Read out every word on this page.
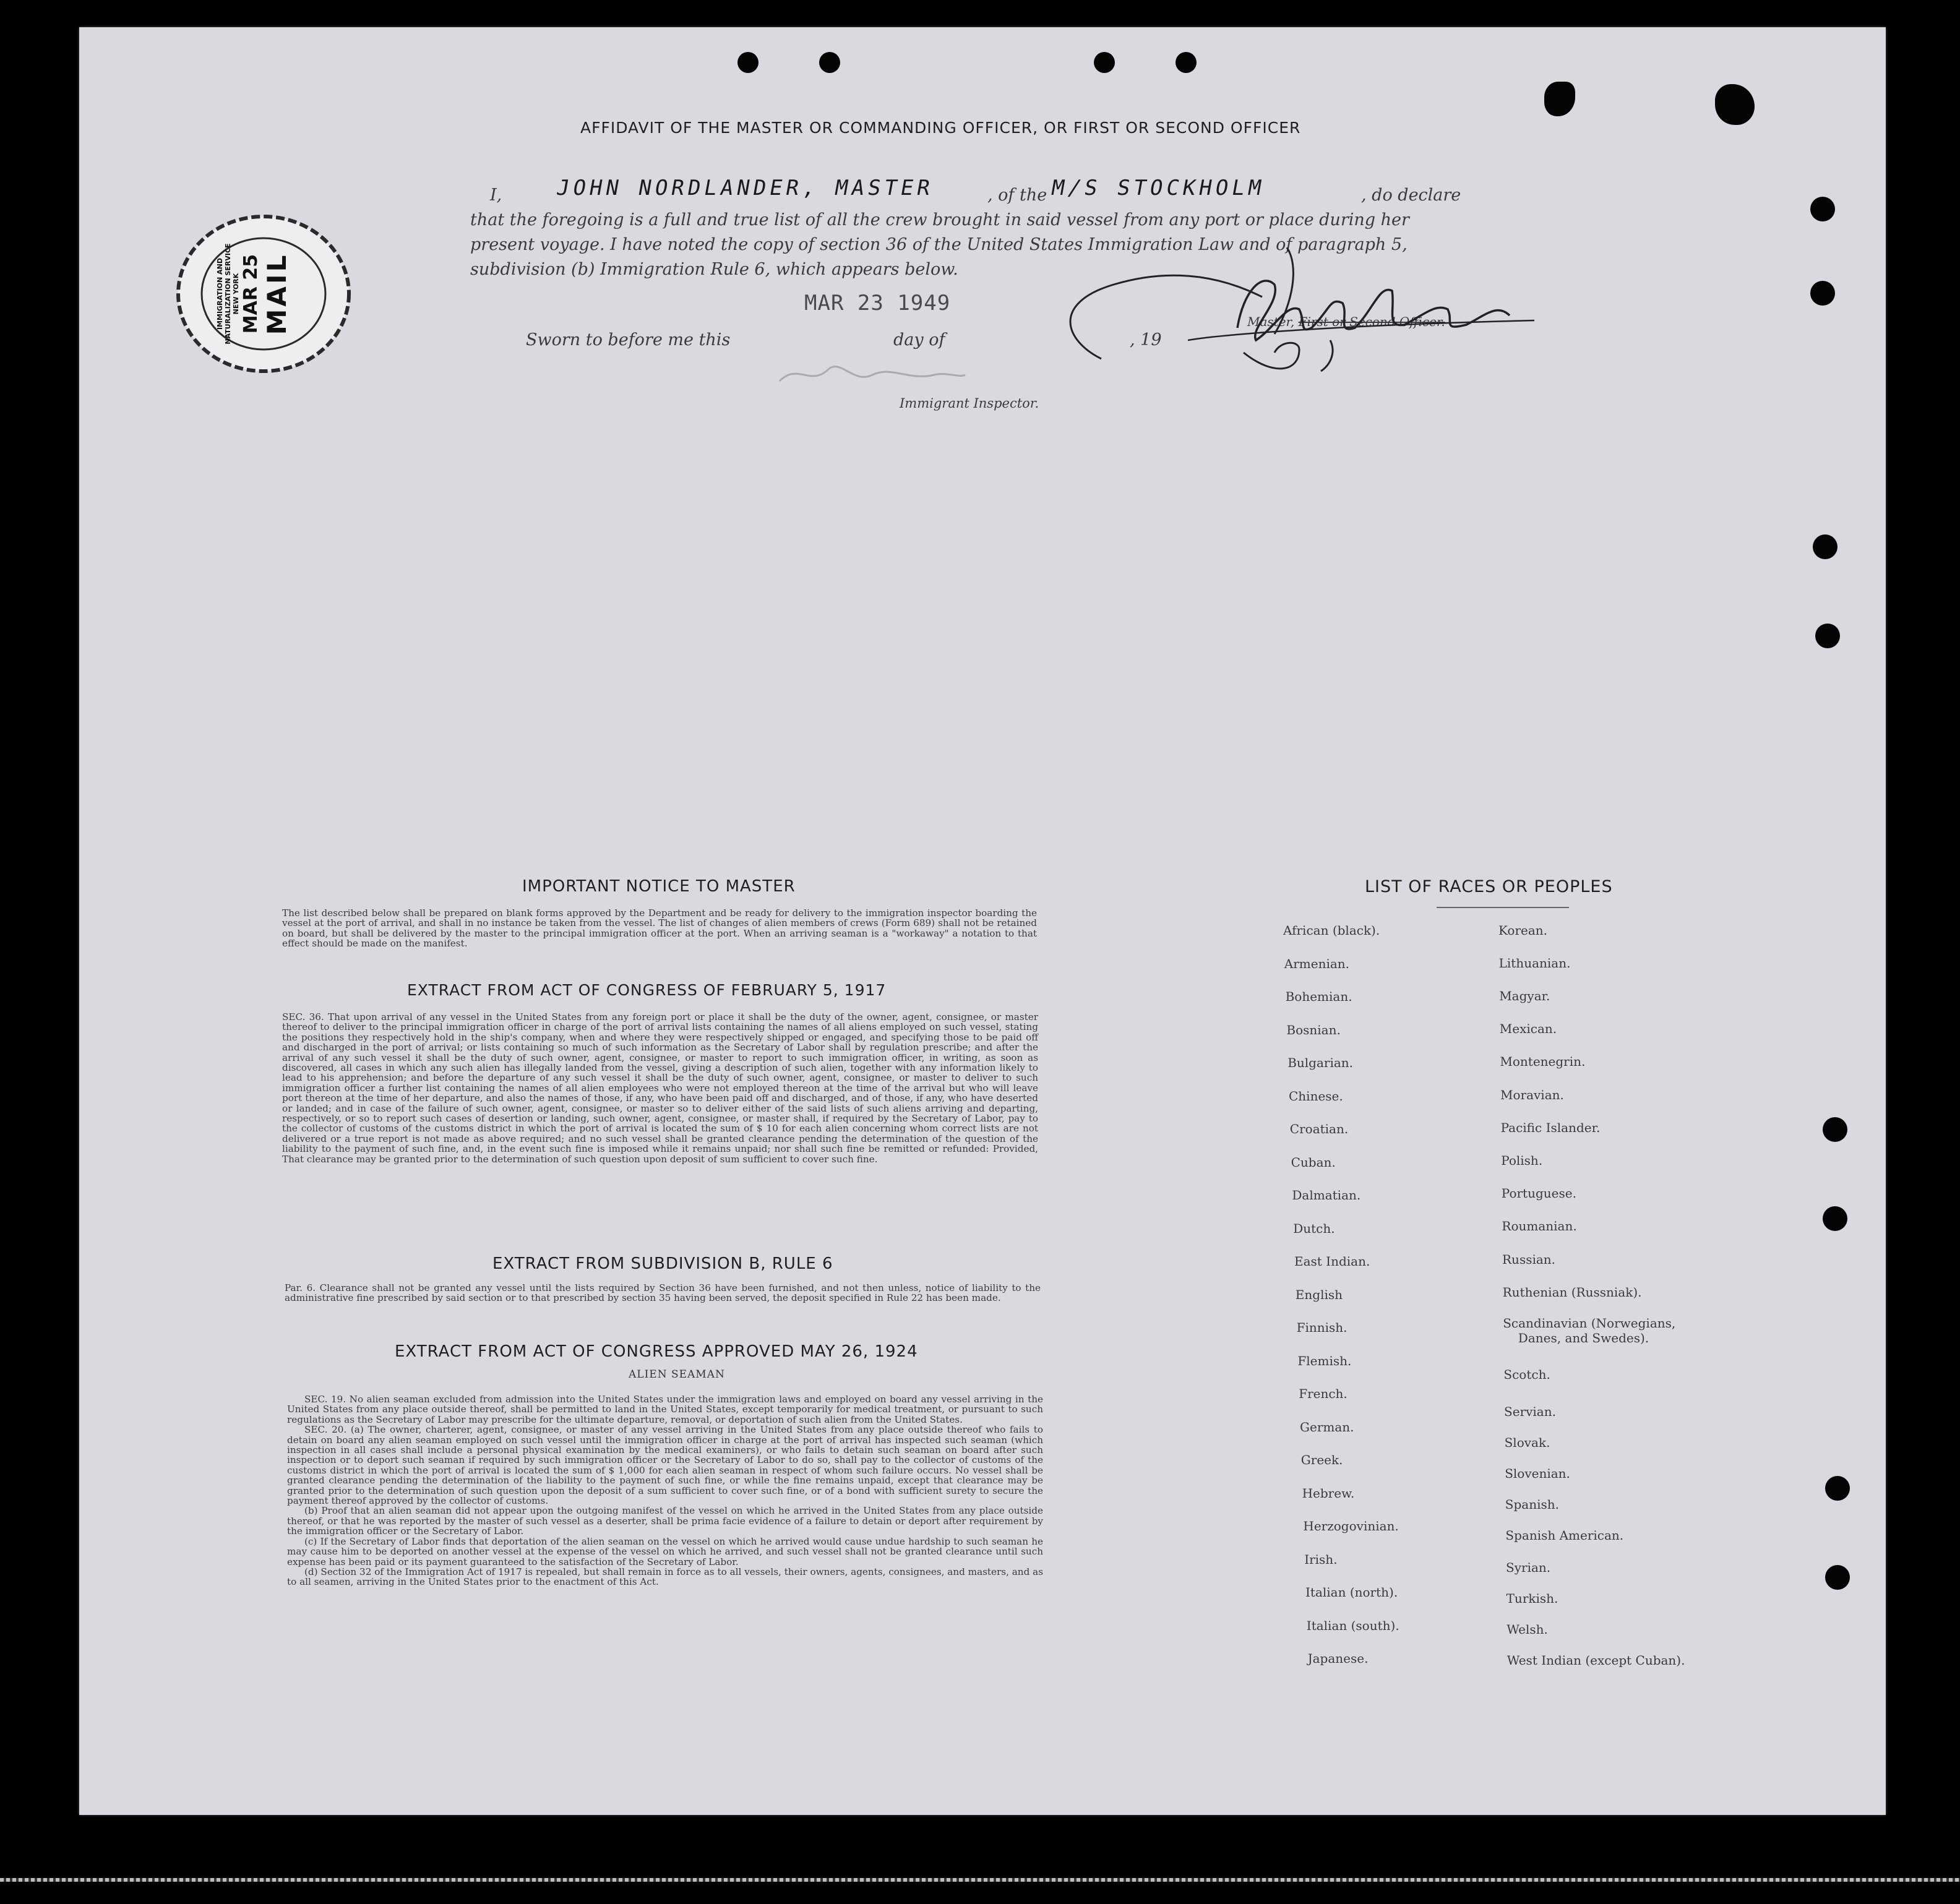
AFFIDAVIT OF THE MASTER OR COMMANDING OFFICER, OR FIRST OR SECOND OFFICER
I,	JOHN NORDLANDER, MASTER	, of the M/S STOCKHOLM	, do declare
that the foregoing is a full and true list of all the crew brought in said vessel from any port or place during her
present voyage. I have noted the copy of section 36 of the United States Immigration Law and of paragraph 5,
subdivision (b) Immigration Rule 6, which appears below.
MAR 23 1949
Sworn to before me this	day of	, 19
Master, First or Second Officer.
Immigrant Inspector.
IMMIGRATION AND NATURALIZATION SERVICE NEW YORK MAR 25 MAIL
IMPORTANT NOTICE TO MASTER
The list described below shall be prepared on blank forms approved by the Department and be ready for delivery to the immigration inspector boarding the vessel at the port of arrival, and shall in no instance be taken from the vessel. The list of changes of alien members of crews (Form 689) shall not be retained on board, but shall be delivered by the master to the principal immigration officer at the port. When an arriving seaman is a "workaway" a notation to that effect should be made on the manifest.
EXTRACT FROM ACT OF CONGRESS OF FEBRUARY 5, 1917
SEC. 36. That upon arrival of any vessel in the United States from any foreign port or place it shall be the duty of the owner, agent, consignee, or master thereof to deliver to the principal immigration officer in charge of the port of arrival lists containing the names of all aliens employed on such vessel, stating the positions they respectively hold in the ship's company, when and where they were respectively shipped or engaged, and specifying those to be paid off and discharged in the port of arrival; or lists containing so much of such information as the Secretary of Labor shall by regulation prescribe; and after the arrival of any such vessel it shall be the duty of such owner, agent, consignee, or master to report to such immigration officer, in writing, as soon as discovered, all cases in which any such alien has illegally landed from the vessel, giving a description of such alien, together with any information likely to lead to his apprehension; and before the departure of any such vessel it shall be the duty of such owner, agent, consignee, or master to deliver to such immigration officer a further list containing the names of all alien employees who were not employed thereon at the time of the arrival but who will leave port thereon at the time of her departure, and also the names of those, if any, who have been paid off and discharged, and of those, if any, who have deserted or landed; and in case of the failure of such owner, agent, consignee, or master so to deliver either of the said lists of such aliens arriving and departing, respectively, or so to report such cases of desertion or landing, such owner, agent, consignee, or master shall, if required by the Secretary of Labor, pay to the collector of customs of the customs district in which the port of arrival is located the sum of $ 10 for each alien concerning whom correct lists are not delivered or a true report is not made as above required; and no such vessel shall be granted clearance pending the determination of the question of the liability to the payment of such fine, and, in the event such fine is imposed while it remains unpaid; nor shall such fine be remitted or refunded: Provided, That clearance may be granted prior to the determination of such question upon deposit of sum sufficient to cover such fine.
EXTRACT FROM SUBDIVISION B, RULE 6
Par. 6. Clearance shall not be granted any vessel until the lists required by Section 36 have been furnished, and not then unless, notice of liability to the administrative fine prescribed by said section or to that prescribed by section 35 having been served, the deposit specified in Rule 22 has been made.
EXTRACT FROM ACT OF CONGRESS APPROVED MAY 26, 1924
ALIEN SEAMAN
SEC. 19. No alien seaman excluded from admission into the United States under the immigration laws and employed on board any vessel arriving in the United States from any place outside thereof, shall be permitted to land in the United States, except temporarily for medical treatment, or pursuant to such regulations as the Secretary of Labor may prescribe for the ultimate departure, removal, or deportation of such alien from the United States.
SEC. 20. (a) The owner, charterer, agent, consignee, or master of any vessel arriving in the United States from any place outside thereof who fails to detain on board any alien seaman employed on such vessel until the immigration officer in charge at the port of arrival has inspected such seaman (which inspection in all cases shall include a personal physical examination by the medical examiners), or who fails to detain such seaman on board after such inspection or to deport such seaman if required by such immigration officer or the Secretary of Labor to do so, shall pay to the collector of customs of the customs district in which the port of arrival is located the sum of $ 1,000 for each alien seaman in respect of whom such failure occurs. No vessel shall be granted clearance pending the determination of the liability to the payment of such fine, or while the fine remains unpaid, except that clearance may be granted prior to the determination of such question upon the deposit of a sum sufficient to cover such fine, or of a bond with sufficient surety to secure the payment thereof approved by the collector of customs.
(b) Proof that an alien seaman did not appear upon the outgoing manifest of the vessel on which he arrived in the United States from any place outside thereof, or that he was reported by the master of such vessel as a deserter, shall be prima facie evidence of a failure to detain or deport after requirement by the immigration officer or the Secretary of Labor.
(c) If the Secretary of Labor finds that deportation of the alien seaman on the vessel on which he arrived would cause undue hardship to such seaman he may cause him to be deported on another vessel at the expense of the vessel on which he arrived, and such vessel shall not be granted clearance until such expense has been paid or its payment guaranteed to the satisfaction of the Secretary of Labor.
(d) Section 32 of the Immigration Act of 1917 is repealed, but shall remain in force as to all vessels, their owners, agents, consignees, and masters, and as to all seamen, arriving in the United States prior to the enactment of this Act.
LIST OF RACES OR PEOPLES
African (black).
Armenian.
Bohemian.
Bosnian.
Bulgarian.
Chinese.
Croatian.
Cuban.
Dalmatian.
Dutch.
East Indian.
English
Finnish.
Flemish.
French.
German.
Greek.
Hebrew.
Herzogovinian.
Irish.
Italian (north).
Italian (south).
Japanese.
Korean.
Lithuanian.
Magyar.
Mexican.
Montenegrin.
Moravian.
Pacific Islander.
Polish.
Portuguese.
Roumanian.
Russian.
Ruthenian (Russniak).
Scandinavian (Norwegians,
Danes, and Swedes).
Scotch.
Servian.
Slovak.
Slovenian.
Spanish.
Spanish American.
Syrian.
Turkish.
Welsh.
West Indian (except Cuban).
